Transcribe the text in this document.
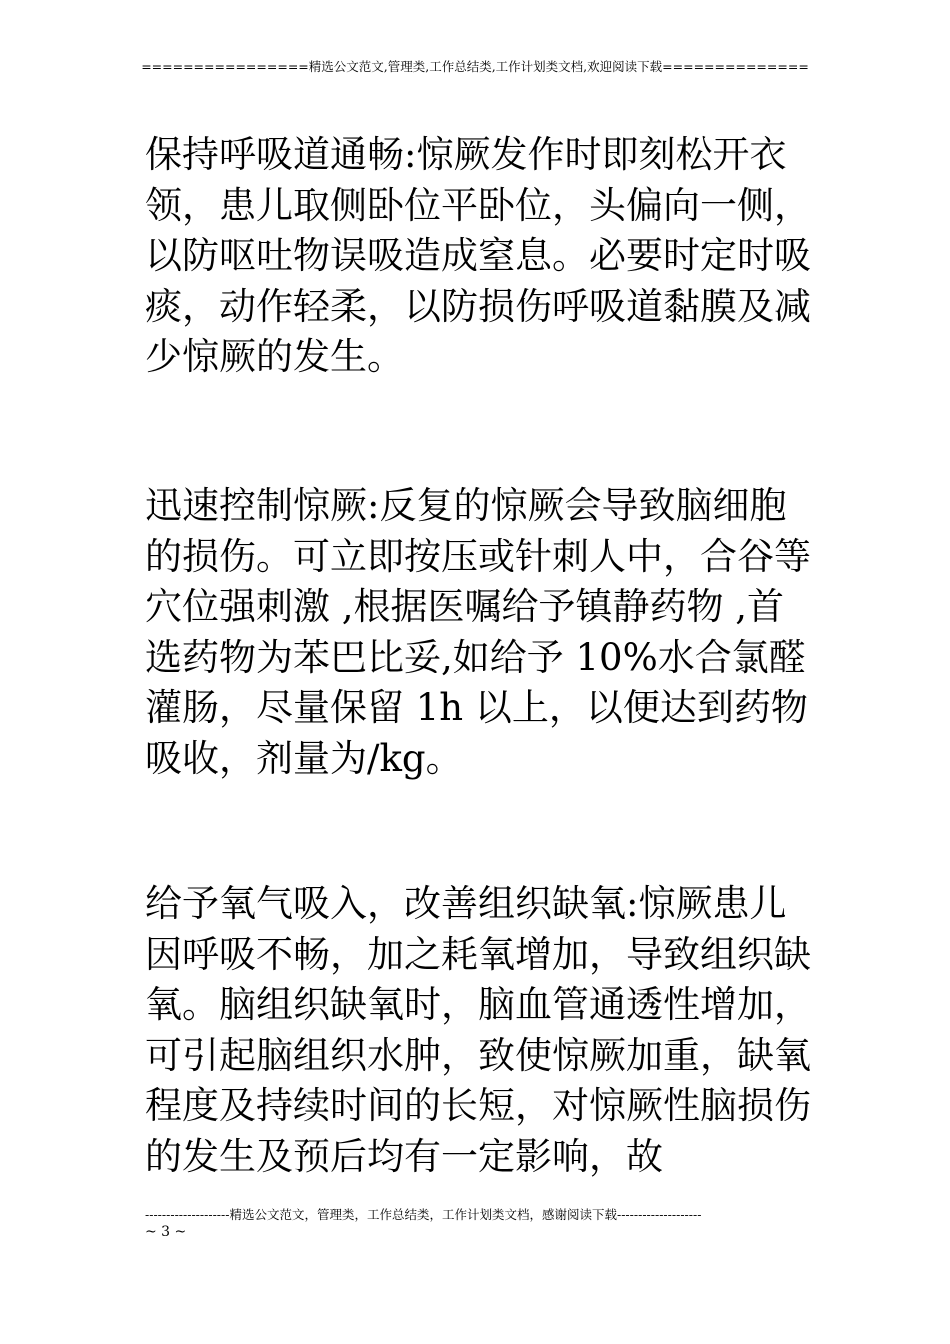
================精选公文范文,管理类,工作总结类,工作计划类文档,欢迎阅读下载==============

保持呼吸道通畅:惊厥发作时即刻松开衣领，患儿取侧卧位平卧位，头偏向一侧，以防呕吐物误吸造成窒息。必要时定时吸痰，动作轻柔，以防损伤呼吸道黏膜及减少惊厥的发生。

迅速控制惊厥:反复的惊厥会导致脑细胞的损伤。可立即按压或针刺人中，合谷等穴位强刺激 ,根据医嘱给予镇静药物 ,首选药物为苯巴比妥,如给予 10%水合氯醛灌肠，尽量保留 1h 以上，以便达到药物吸收，剂量为/kg。

给予氧气吸入，改善组织缺氧:惊厥患儿因呼吸不畅，加之耗氧增加，导致组织缺氧。脑组织缺氧时，脑血管通透性增加，可引起脑组织水肿，致使惊厥加重，缺氧程度及持续时间的长短，对惊厥性脑损伤的发生及预后均有一定影响，故

--------------------精选公文范文，管理类，工作总结类，工作计划类文档，感谢阅读下载--------------------
~ 3 ~
